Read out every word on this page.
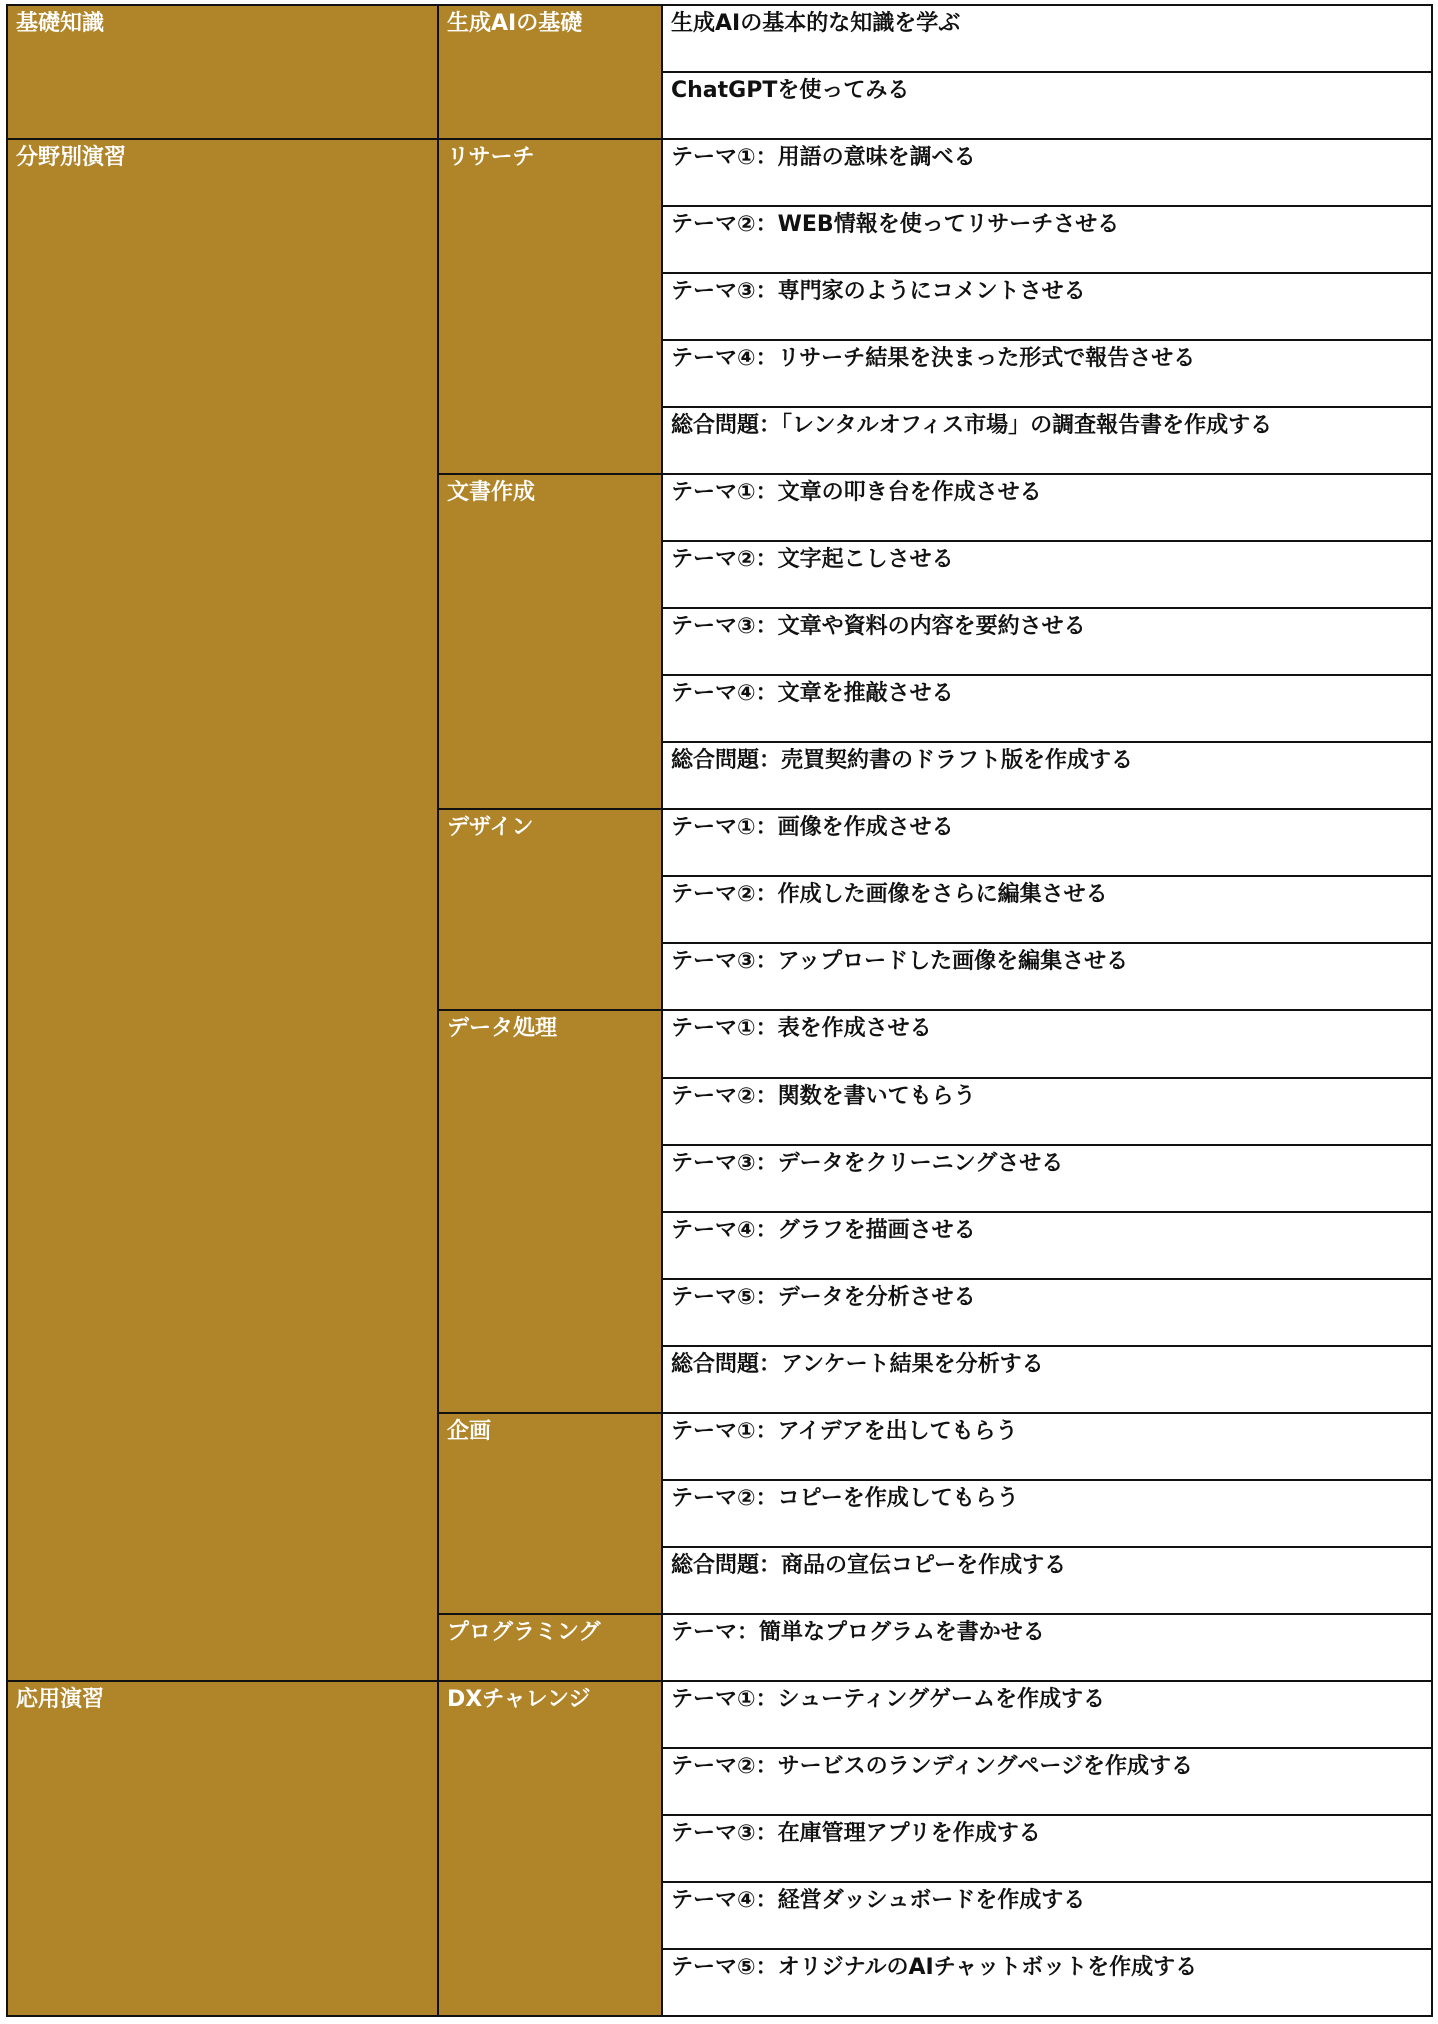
基礎知識	生成AIの基礎	生成AIの基本的な知識を学ぶ
		ChatGPTを使ってみる
分野別演習	リサーチ	テーマ①：用語の意味を調べる
		テーマ②：WEB情報を使ってリサーチさせる
		テーマ③：専門家のようにコメントさせる
		テーマ④：リサーチ結果を決まった形式で報告させる
		総合問題：「レンタルオフィス市場」の調査報告書を作成する
	文書作成	テーマ①：文章の叩き台を作成させる
		テーマ②：文字起こしさせる
		テーマ③：文章や資料の内容を要約させる
		テーマ④：文章を推敲させる
		総合問題：売買契約書のドラフト版を作成する
	デザイン	テーマ①：画像を作成させる
		テーマ②：作成した画像をさらに編集させる
		テーマ③：アップロードした画像を編集させる
	データ処理	テーマ①：表を作成させる
		テーマ②：関数を書いてもらう
		テーマ③：データをクリーニングさせる
		テーマ④：グラフを描画させる
		テーマ⑤：データを分析させる
		総合問題：アンケート結果を分析する
	企画	テーマ①：アイデアを出してもらう
		テーマ②：コピーを作成してもらう
		総合問題：商品の宣伝コピーを作成する
	プログラミング	テーマ：簡単なプログラムを書かせる
応用演習	DXチャレンジ	テーマ①：シューティングゲームを作成する
		テーマ②：サービスのランディングページを作成する
		テーマ③：在庫管理アプリを作成する
		テーマ④：経営ダッシュボードを作成する
		テーマ⑤：オリジナルのAIチャットボットを作成する
